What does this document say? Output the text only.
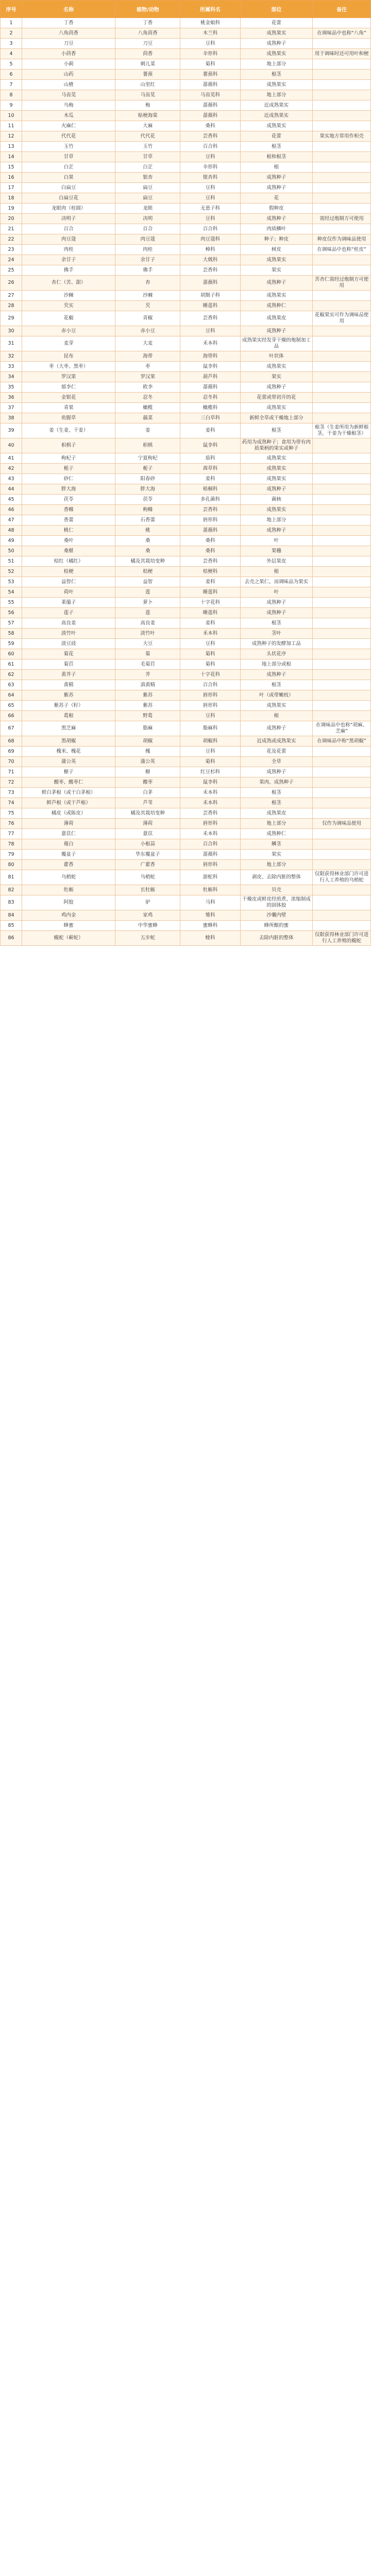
序号	名称	植物/动物	所属科名	部位	备注
1	丁香	丁香	桃金娘科	花蕾	
2	八角茴香	八角茴香	木兰科	成熟果实	在调味品中也称“八角”
3	刀豆	刀豆	豆科	成熟种子	
4	小茴香	茴香	伞形科	成熟果实	用于调味时还可用叶和梗
5	小蓟	刺儿菜	菊科	地上部分	
6	山药	薯蓣	薯蓣科	根茎	
7	山楂	山里红	蔷薇科	成熟果实	
8	马齿苋	马齿苋	马齿苋科	地上部分	
9	乌梅	梅	蔷薇科	近成熟果实	
10	木瓜	贴梗海棠	蔷薇科	近成熟果实	
11	火麻仁	大麻	桑科	成熟果实	
12	代代花	代代花	芸香科	花蕾	果实地方常用作枳壳
13	玉竹	玉竹	百合科	根茎	
14	甘草	甘草	豆科	根和根茎	
15	白芷	白芷	伞形科	根	
16	白果	银杏	银杏科	成熟种子	
17	白扁豆	扁豆	豆科	成熟种子	
18	白扁豆花	扁豆	豆科	花	
19	龙眼肉（桂圆）	龙眼	无患子科	假种皮	
20	决明子	决明	豆科	成熟种子	需经过炮制方可使用
21	百合	百合	百合科	肉质鳞叶	
22	肉豆蔻	肉豆蔻	肉豆蔻科	种子；种皮	种皮仅作为调味品使用
23	肉桂	肉桂	樟科	树皮	在调味品中也称“桂皮”
24	余甘子	余甘子	大戟科	成熟果实	
25	佛手	佛手	芸香科	果实	
26	杏仁（苦、甜）	杏	蔷薇科	成熟种子	苦杏仁需经过炮制方可使用
27	沙棘	沙棘	胡颓子科	成熟果实	
28	芡实	芡	睡莲科	成熟种仁	
29	花椒	青椒	芸香科	成熟果皮	花椒果实可作为调味品使用
30	赤小豆	赤小豆	豆科	成熟种子	
31	麦芽	大麦	禾本科	成熟果实经发芽干燥的炮制加工品	
32	昆布	海带	海带科	叶状体	
33	枣（大枣、黑枣）	枣	鼠李科	成熟果实	
34	罗汉果	罗汉果	葫芦科	果实	
35	郁李仁	欧李	蔷薇科	成熟种子	
36	金银花	忍冬	忍冬科	花蕾或带初开的花	
37	青果	橄榄	橄榄科	成熟果实	
38	鱼腥草	蕺菜	三白草科	新鲜全草或干燥地上部分	
39	姜（生姜、干姜）	姜	姜科	根茎	根茎（生姜所用为新鲜根茎，干姜为干燥根茎）
40	枳椇子	枳椇	鼠李科	药用为成熟种子；食用为带有肉质果柄的果实或种子	
41	枸杞子	宁夏枸杞	茄科	成熟果实	
42	栀子	栀子	茜草科	成熟果实	
43	砂仁	阳春砂	姜科	成熟果实	
44	胖大海	胖大海	梧桐科	成熟种子	
45	茯苓	茯苓	多孔菌科	菌核	
46	香橼	枸橼	芸香科	成熟果实	
47	香薷	石香薷	唇形科	地上部分	
48	桃仁	桃	蔷薇科	成熟种子	
49	桑叶	桑	桑科	叶	
50	桑椹	桑	桑科	果穗	
51	桔红（橘红）	橘及其栽培变种	芸香科	外层果皮	
52	桔梗	桔梗	桔梗科	根	
53	益智仁	益智	姜科	去壳之果仁，而调味品为果实	
54	荷叶	莲	睡莲科	叶	
55	莱菔子	萝卜	十字花科	成熟种子	
56	莲子	莲	睡莲科	成熟种子	
57	高良姜	高良姜	姜科	根茎	
58	淡竹叶	淡竹叶	禾本科	茎叶	
59	淡豆豉	大豆	豆科	成熟种子的发酵加工品	
60	菊花	菊	菊科	头状花序	
61	菊苣	毛菊苣	菊科	地上部分或根	
62	黄芥子	芥	十字花科	成熟种子	
63	黄精	滇黄精	百合科	根茎	
64	紫苏	紫苏	唇形科	叶（或带嫩枝）	
65	紫苏子（籽）	紫苏	唇形科	成熟果实	
66	葛根	野葛	豆科	根	
67	黑芝麻	脂麻	脂麻科	成熟种子	在调味品中也称“胡麻、芝麻”
68	黑胡椒	胡椒	胡椒科	近成熟或成熟果实	在调味品中称“黑胡椒”
69	槐米、槐花	槐	豆科	花及花蕾	
70	蒲公英	蒲公英	菊科	全草	
71	榧子	榧	红豆杉科	成熟种子	
72	酸枣、酸枣仁	酸枣	鼠李科	果肉、成熟种子	
73	鲜白茅根（或干白茅根）	白茅	禾本科	根茎	
74	鲜芦根（或干芦根）	芦苇	禾本科	根茎	
75	橘皮（或陈皮）	橘及其栽培变种	芸香科	成熟果皮	
76	薄荷	薄荷	唇形科	地上部分	仅作为调味品使用
77	薏苡仁	薏苡	禾本科	成熟种仁	
78	薤白	小根蒜	百合科	鳞茎	
79	覆盆子	华东覆盆子	蔷薇科	果实	
80	藿香	广藿香	唇形科	地上部分	
81	乌梢蛇	乌梢蛇	游蛇科	剥皮、去除内脏的整体	仅限获得林业部门许可进行人工养殖的乌梢蛇
82	牡蛎	长牡蛎	牡蛎科	贝壳	
83	阿胶	驴	马科	干燥皮或鲜皮经煎煮、浓缩制成的固体胶	
84	鸡内金	家鸡	雉科	沙囊内壁	
85	蜂蜜	中华蜜蜂	蜜蜂科	蜂所酿的蜜	
86	蝮蛇（蕲蛇）	五步蛇	蝰科	去除内脏的整体	仅限获得林业部门许可进行人工养殖的蝮蛇
